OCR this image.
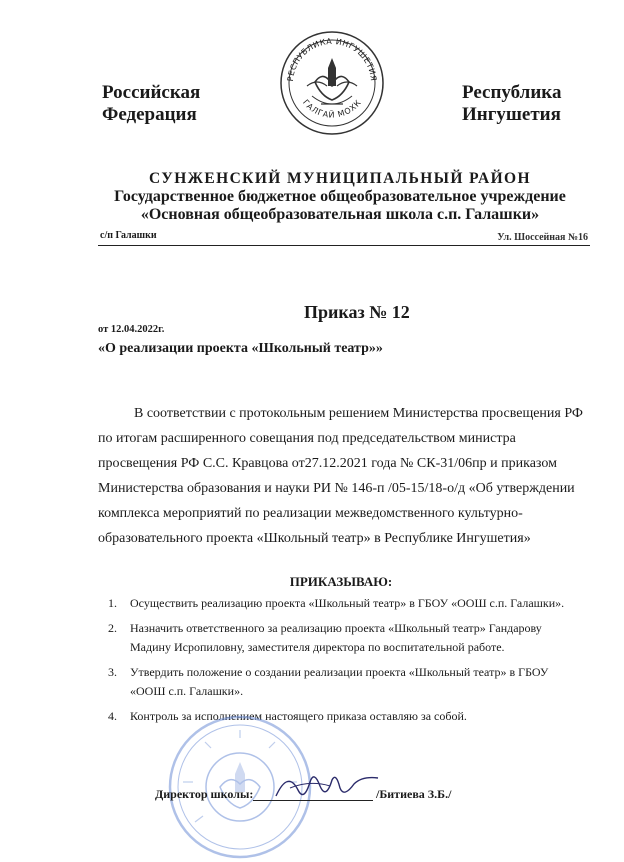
Российская
Федерация
РЕСПУБЛИКА ИНГУШЕТИЯ
ГАЛГАЙ МОХК
Республика
Ингушетия
СУНЖЕНСКИЙ МУНИЦИПАЛЬНЫЙ РАЙОН
Государственное бюджетное общеобразовательное учреждение
«Основная общеобразовательная школа с.п. Галашки»
с/п Галашки	Ул. Шоссейная №16
Приказ № 12
от 12.04.2022г.
«О реализации проекта «Школьный театр»»
В соответствии с протокольным решением Министерства просвещения РФ по итогам расширенного совещания под председательством министра просвещения РФ С.С. Кравцова от27.12.2021 года № СК-31/06пр и приказом Министерства образования и науки РИ № 146-п /05-15/18-о/д «Об утверждении комплекса мероприятий по реализации межведомственного культурно-образовательного проекта «Школьный театр» в Республике Ингушетия»
ПРИКАЗЫВАЮ:
1.	Осуществить реализацию проекта «Школьный театр» в ГБОУ «ООШ с.п. Галашки».
2.	Назначить ответственного за реализацию проекта «Школьный театр» Гандарову Мадину Исропиловну, заместителя директора по воспитательной работе.
3.	Утвердить положение о создании реализации проекта «Школьный театр» в ГБОУ «ООШ с.п. Галашки».
4.	Контроль за исполнением настоящего приказа оставляю за собой.
Директор школы:	/Битиева З.Б./
